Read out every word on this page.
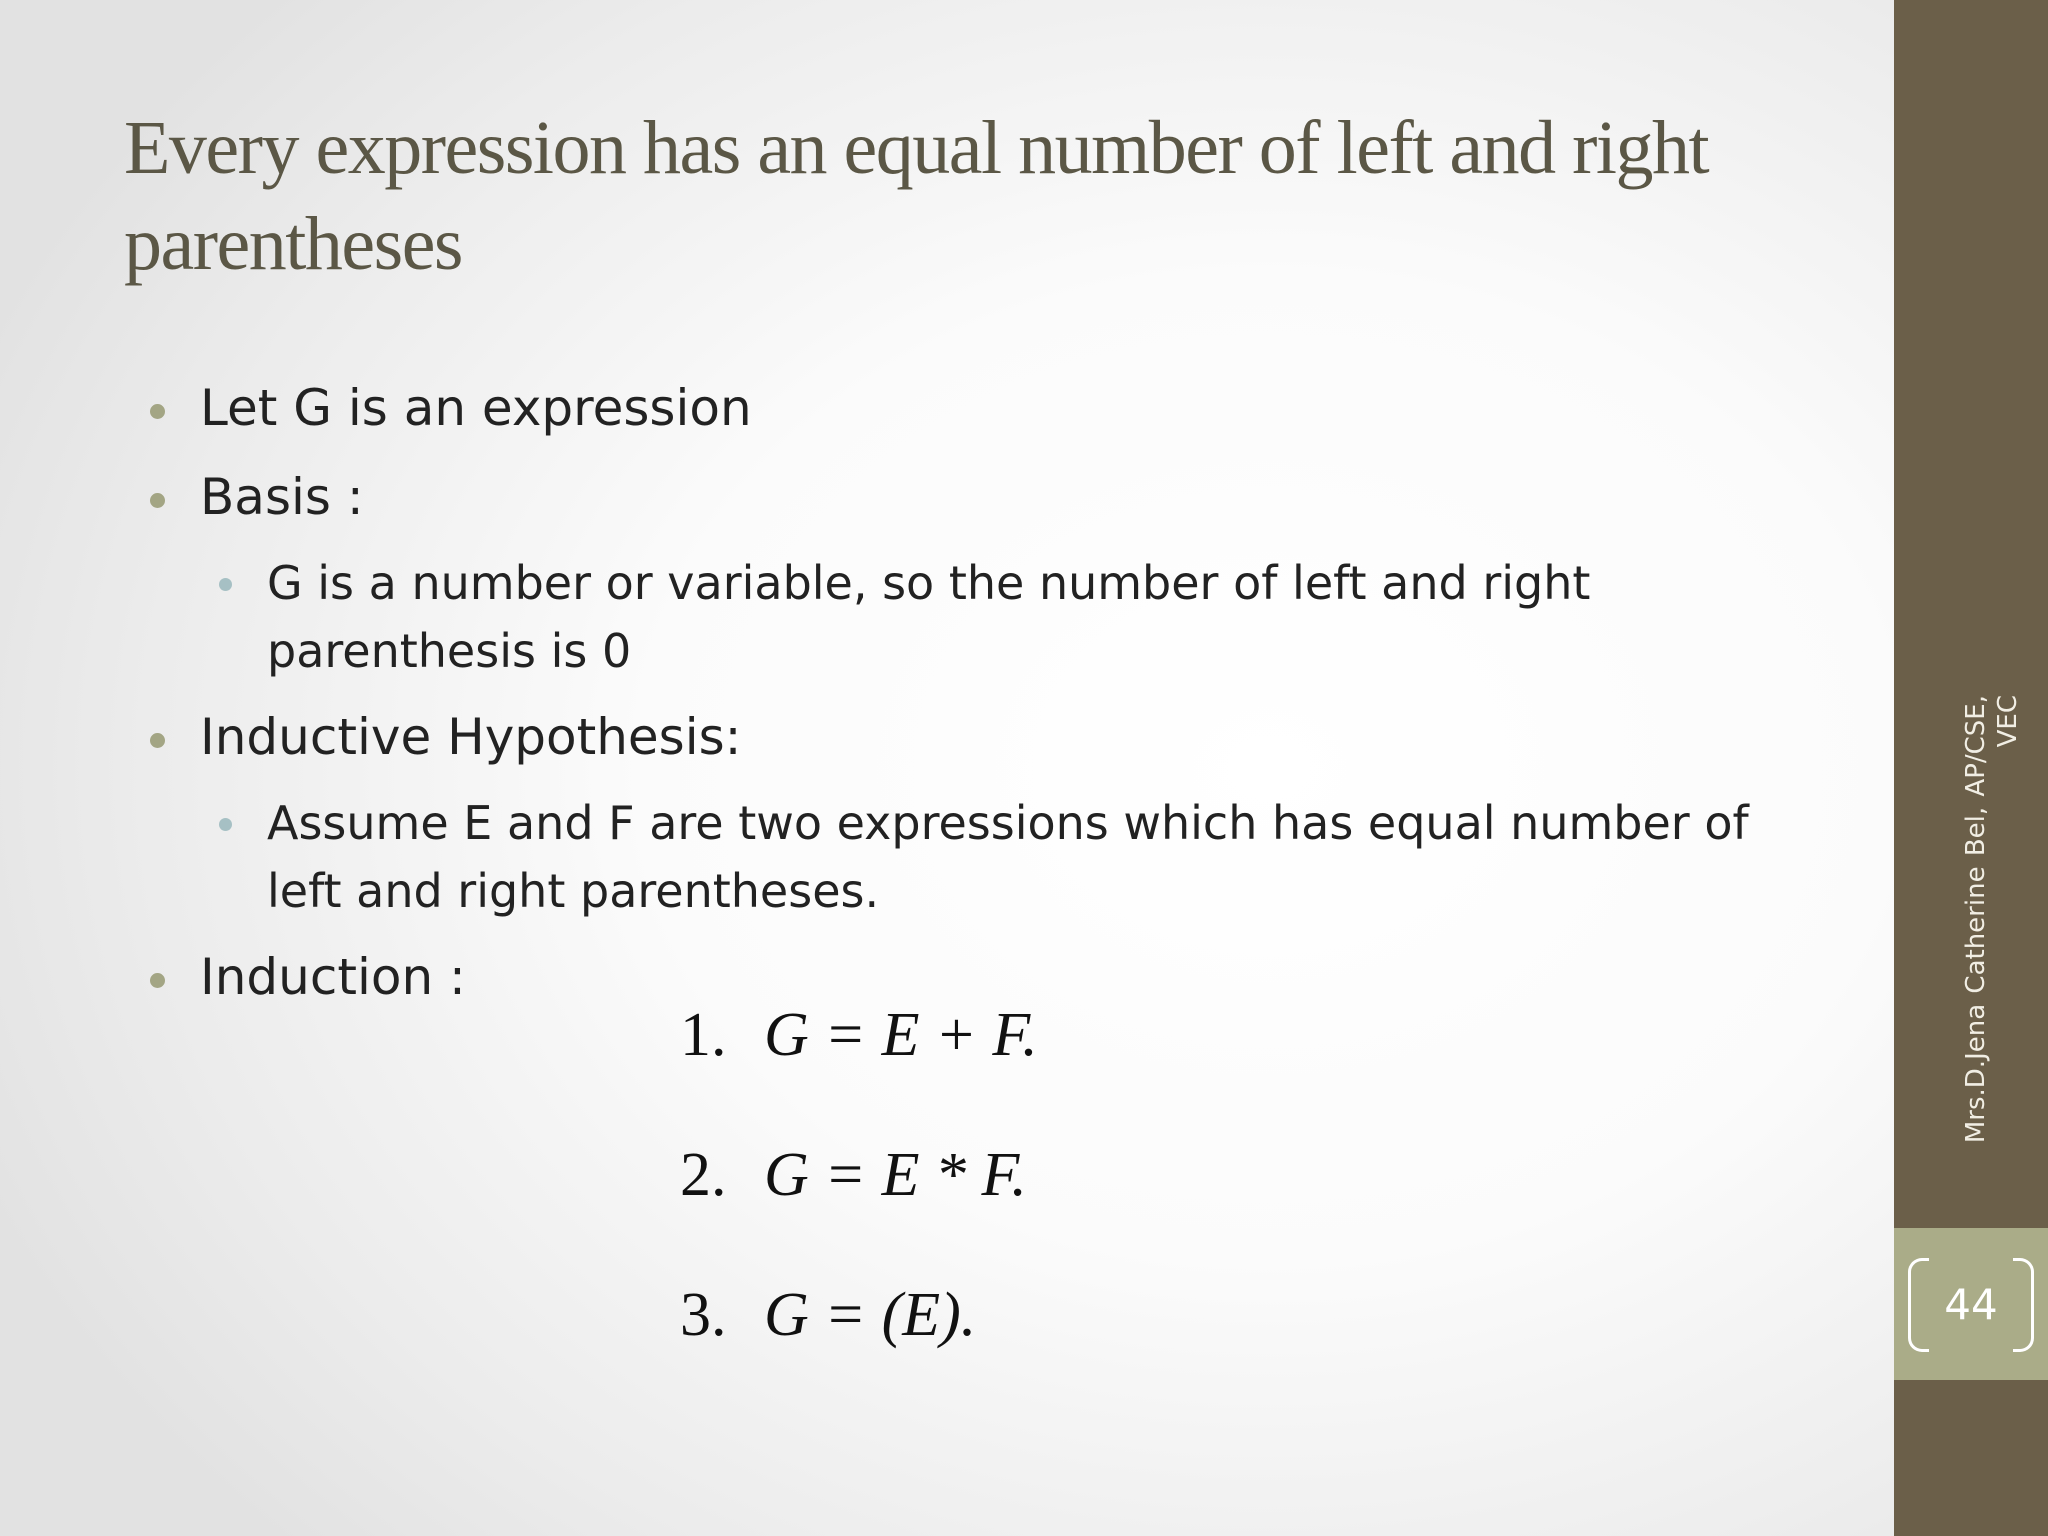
Every expression has an equal number of left and right parentheses
Let G is an expression
Basis :
G is a number or variable, so the number of left and right parenthesis is 0
Inductive Hypothesis:
Assume E and F are two expressions which has equal number of left and right parentheses.
Induction :
1. G = E + F.
2. G = E * F.
3. G = (E).	44
Mrs.D.Jena Catherine Bel, AP/CSE, VEC
